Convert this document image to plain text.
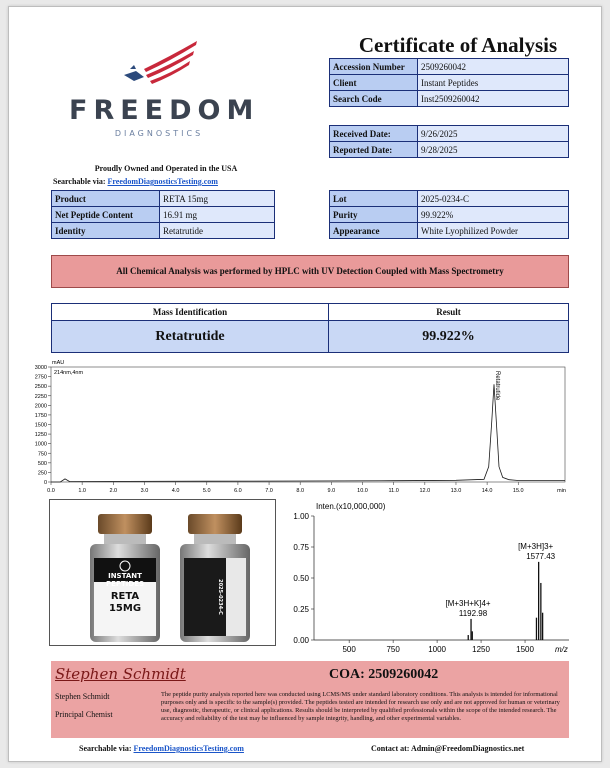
FREEDOM
DIAGNOSTICS
Proudly Owned and Operated in the USA
Searchable via: FreedomDiagnosticsTesting.com
Certificate of Analysis
Accession Number	2509260042
Client	Instant Peptides
Search Code	Inst2509260042
Received Date:	9/26/2025
Reported Date:	9/28/2025
Product	RETA 15mg
Net Peptide Content	16.91 mg
Identity	Retatrutide
Lot	2025-0234-C
Purity	99.922%
Appearance	White Lyophilized Powder
All Chemical Analysis was performed by HPLC with UV Detection Coupled with Mass Spectrometry
Mass Identification	Result
Retatrutide	99.922%
0
250
500
750
1000
1250
1500
1750
2000
2250
2500
2750
3000
0.0	1.0	2.0	3.0	4.0	5.0	6.0	7.0	8.0	9.0	10.0	11.0	12.0	13.0	14.0	15.0	min
mAU
214nm,4nm	Retatrutide
INSTANT
PEPTIDES
RETA
15MG	2025-0234-C
Inten.(x10,000,000)
0.00
0.25
0.50
0.75
1.00
500	750	1000	1250	1500	m/z
[M+3H+K]4+
1192.98
[M+3H]3+
1577.43
Stephen Schmidt	COA: 2509260042
Stephen Schmidt
Principal Chemist
The peptide purity analysis reported here was conducted using LCMS/MS under standard laboratory conditions. This analysis is intended for informational purposes only and is specific to the sample(s) provided. The peptides tested are intended for research use only and are not approved for human or veterinary use, diagnostic, therapeutic, or clinical applications. Results should be interpreted by qualified professionals within the scope of the intended research. The accuracy and reliability of the test may be influenced by sample integrity, handling, and other experimental variables.
Searchable via: FreedomDiagnosticsTesting.com	Contact at: Admin@FreedomDiagnostics.net
